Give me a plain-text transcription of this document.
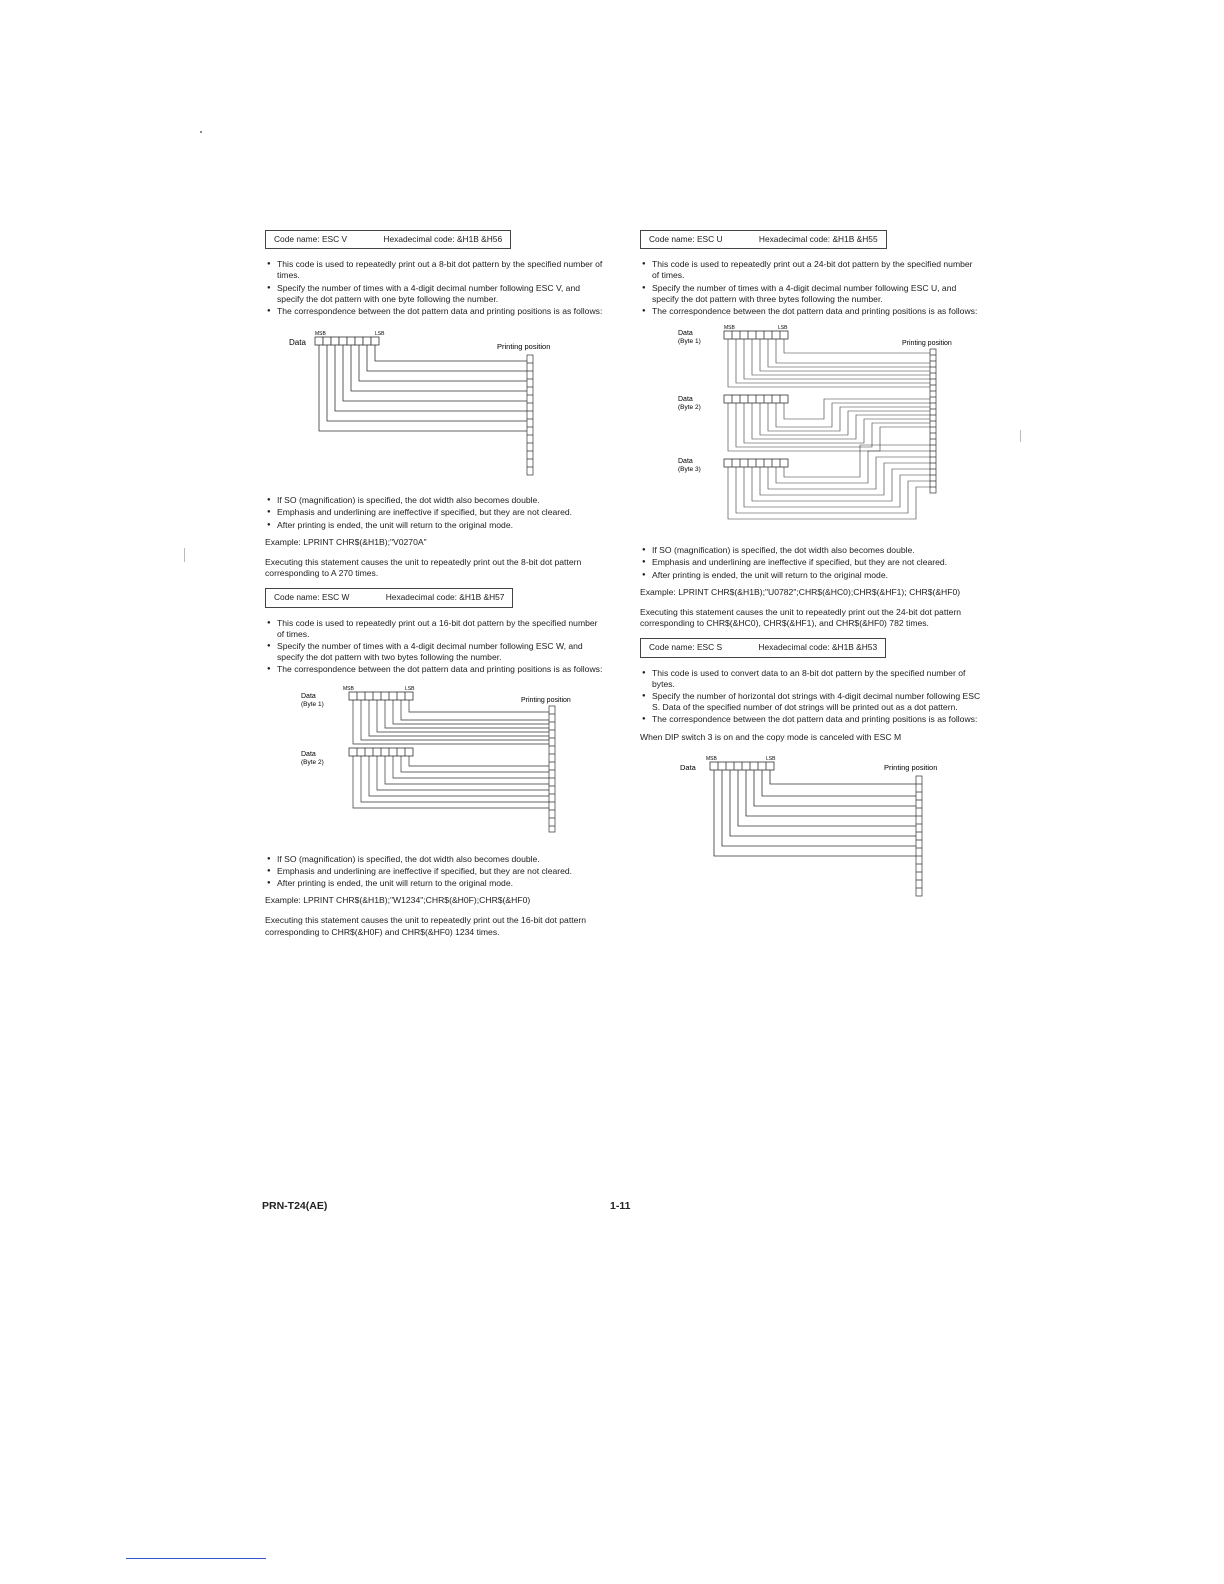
Code name: ESC V	Hexadecimal code: &H1B &H56
● This code is used to repeatedly print out a 8-bit dot pattern by the specified number of times.
● Specify the number of times with a 4-digit decimal number following ESC V, and specify the dot pattern with one byte following the number.
● The correspondence between the dot pattern data and printing positions is as follows:
Data
MSB	LSB
Printing position
● If SO (magnification) is specified, the dot width also becomes double.
● Emphasis and underlining are ineffective if specified, but they are not cleared.
● After printing is ended, the unit will return to the original mode.

Example: LPRINT CHR$(&H1B);"V0270A"

Executing this statement causes the unit to repeatedly print out the 8-bit dot pattern corresponding to A 270 times.

Code name: ESC W	Hexadecimal code: &H1B &H57
● This code is used to repeatedly print out a 16-bit dot pattern by the specified number of times.
● Specify the number of times with a 4-digit decimal number following ESC W, and specify the dot pattern with two bytes following the number.
● The correspondence between the dot pattern data and printing positions is as follows:
Data
(Byte 1)
Data
(Byte 2)
MSB	LSB
Printing position
● If SO (magnification) is specified, the dot width also becomes double.
● Emphasis and underlining are ineffective if specified, but they are not cleared.
● After printing is ended, the unit will return to the original mode.

Example: LPRINT CHR$(&H1B);"W1234";CHR$(&H0F);CHR$(&HF0)

Executing this statement causes the unit to repeatedly print out the 16-bit dot pattern corresponding to CHR$(&H0F) and CHR$(&HF0) 1234 times.

Code name: ESC U	Hexadecimal code: &H1B &H55
● This code is used to repeatedly print out a 24-bit dot pattern by the specified number of times.
● Specify the number of times with a 4-digit decimal number following ESC U, and specify the dot pattern with three bytes following the number.
● The correspondence between the dot pattern data and printing positions is as follows:
Data
(Byte 1)
Data
(Byte 2)
Data
(Byte 3)
MSB	LSB
Printing position
● If SO (magnification) is specified, the dot width also becomes double.
● Emphasis and underlining are ineffective if specified, but they are not cleared.
● After printing is ended, the unit will return to the original mode.

Example: LPRINT CHR$(&H1B);"U0782";CHR$(&HC0);CHR$(&HF1); CHR$(&HF0)

Executing this statement causes the unit to repeatedly print out the 24-bit dot pattern corresponding to CHR$(&HC0), CHR$(&HF1), and CHR$(&HF0) 782 times.

Code name: ESC S	Hexadecimal code: &H1B &H53
● This code is used to convert data to an 8-bit dot pattern by the specified number of bytes.
● Specify the number of horizontal dot strings with 4-digit decimal number following ESC S. Data of the specified number of dot strings will be printed out as a dot pattern.
● The correspondence between the dot pattern data and printing positions is as follows:

When DIP switch 3 is on and the copy mode is canceled with ESC M

Data
MSB	LSB
Printing position
PRN-T24(AE)	1-11
